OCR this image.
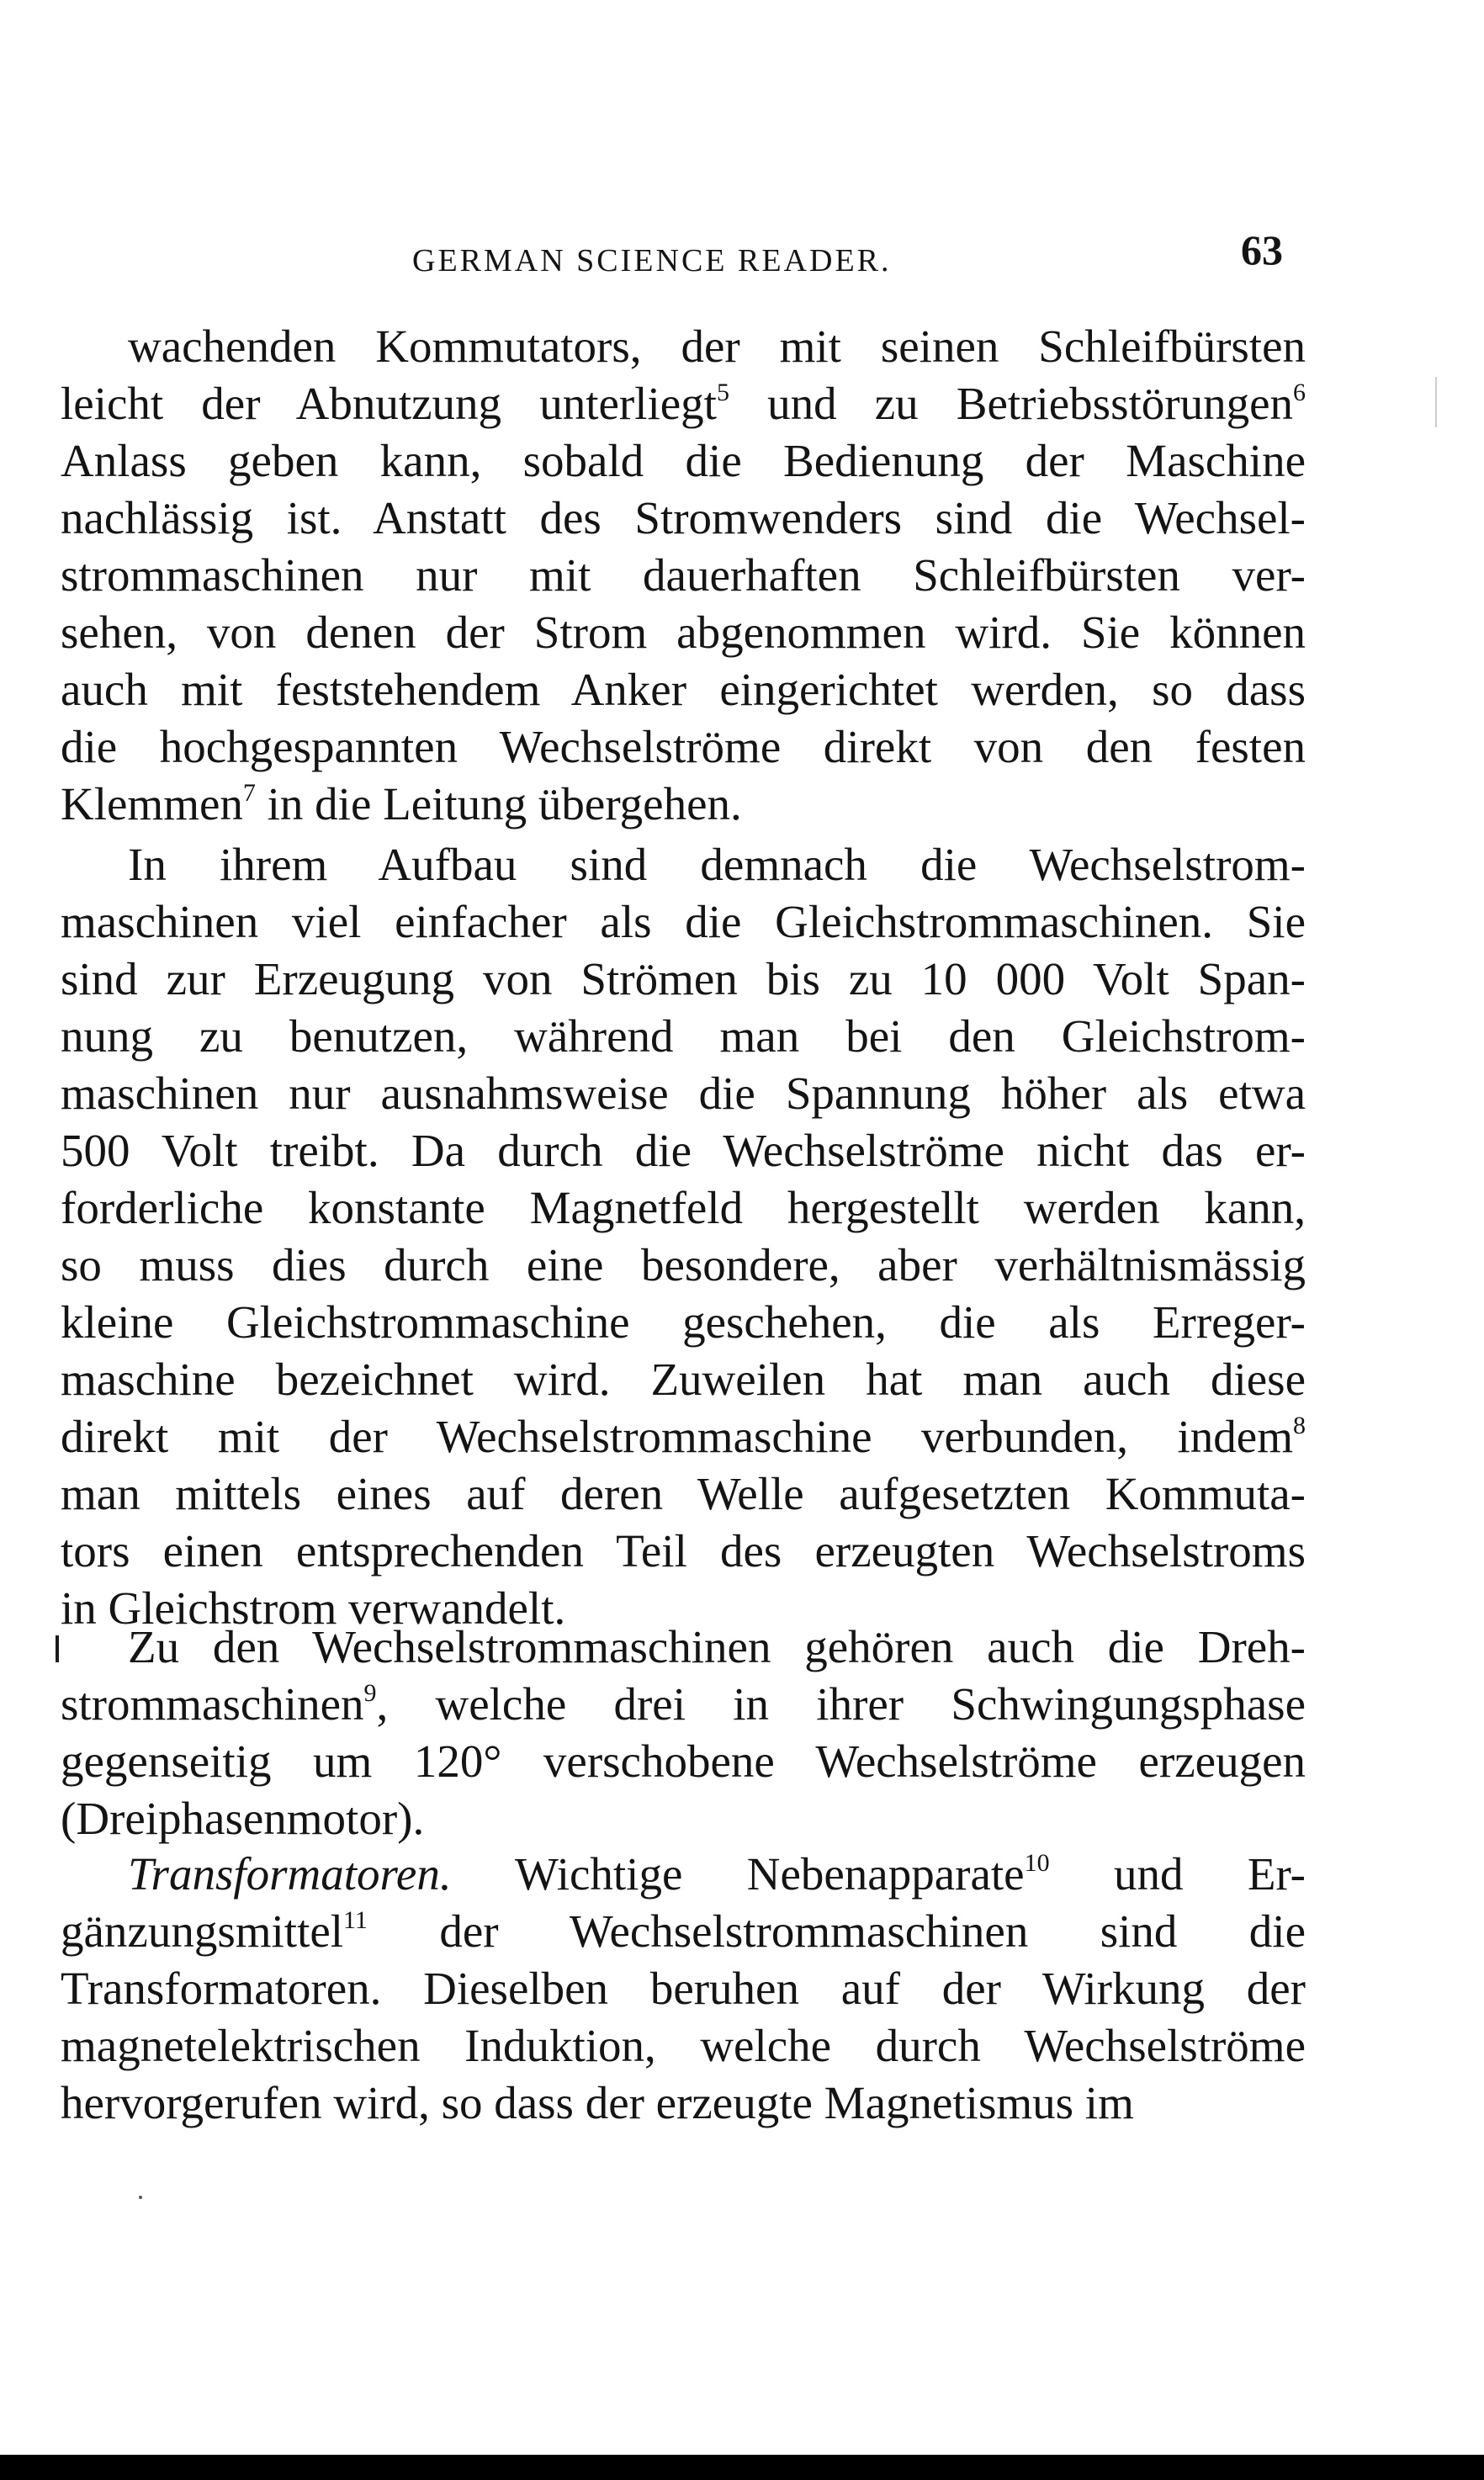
GERMAN SCIENCE READER.	63
wachenden Kommutators, der mit seinen Schleifbürsten
leicht der Abnutzung unterliegt$^5$ und zu Betriebsstörungen$^6$
Anlass geben kann, sobald die Bedienung der Maschine
nachlässig ist. Anstatt des Stromwenders sind die Wechsel-
strommaschinen nur mit dauerhaften Schleifbürsten ver-
sehen, von denen der Strom abgenommen wird. Sie können
auch mit feststehendem Anker eingerichtet werden, so dass
die hochgespannten Wechselströme direkt von den festen
Klemmen$^7$ in die Leitung übergehen.
In ihrem Aufbau sind demnach die Wechselstrom-
maschinen viel einfacher als die Gleichstrommaschinen. Sie
sind zur Erzeugung von Strömen bis zu 10 000 Volt Span-
nung zu benutzen, während man bei den Gleichstrom-
maschinen nur ausnahmsweise die Spannung höher als etwa
500 Volt treibt. Da durch die Wechselströme nicht das er-
forderliche konstante Magnetfeld hergestellt werden kann,
so muss dies durch eine besondere, aber verhältnismässig
kleine Gleichstrommaschine geschehen, die als Erreger-
maschine bezeichnet wird. Zuweilen hat man auch diese
direkt mit der Wechselstrommaschine verbunden, indem$^8$
man mittels eines auf deren Welle aufgesetzten Kommuta-
tors einen entsprechenden Teil des erzeugten Wechselstroms
in Gleichstrom verwandelt.
Zu den Wechselstrommaschinen gehören auch die Dreh-
strommaschinen$^9$, welche drei in ihrer Schwingungsphase
gegenseitig um 120° verschobene Wechselströme erzeugen
(Dreiphasenmotor).
Transformatoren. Wichtige Nebenapparate$^{10}$ und Er-
gänzungsmittel$^{11}$ der Wechselstrommaschinen sind die
Transformatoren. Dieselben beruhen auf der Wirkung der
magnetelektrischen Induktion, welche durch Wechselströme
hervorgerufen wird, so dass der erzeugte Magnetismus im
